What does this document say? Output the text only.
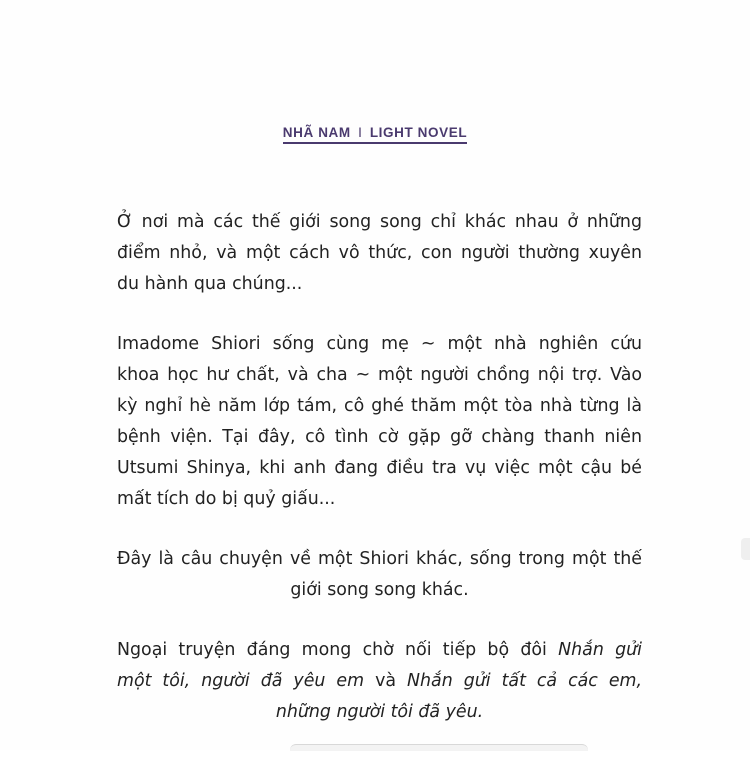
NHÃ NAM I LIGHT NOVEL
Ở nơi mà các thế giới song song chỉ khác nhau ở những
điểm nhỏ, và một cách vô thức, con người thường xuyên
du hành qua chúng...
Imadome Shiori sống cùng mẹ ~ một nhà nghiên cứu
khoa học hư chất, và cha ~ một người chồng nội trợ. Vào
kỳ nghỉ hè năm lớp tám, cô ghé thăm một tòa nhà từng là
bệnh viện. Tại đây, cô tình cờ gặp gỡ chàng thanh niên
Utsumi Shinya, khi anh đang điều tra vụ việc một cậu bé
mất tích do bị quỷ giấu...
Đây là câu chuyện về một Shiori khác, sống trong một thế
giới song song khác.
Ngoại truyện đáng mong chờ nối tiếp bộ đôi Nhắn gửi
một tôi, người đã yêu em và Nhắn gửi tất cả các em,
những người tôi đã yêu.
